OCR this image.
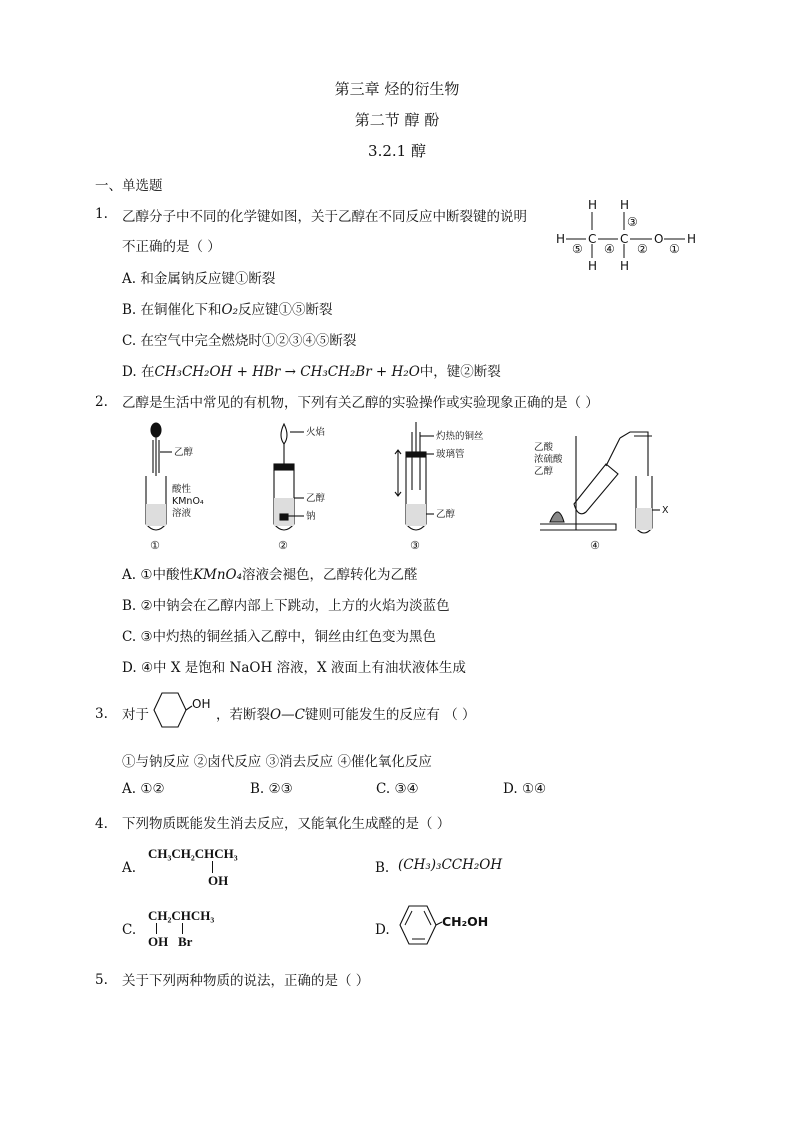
第三章 烃的衍生物
第二节 醇 酚
3.2.1 醇
一、单选题
1. 乙醇分子中不同的化学键如图，关于乙醇在不同反应中断裂键的说明
不正确的是（ ）	H C C O H
H H
H H
⑤ ④
③
② ①
A. 和金属钠反应键①断裂
B. 在铜催化下和O₂反应键①⑤断裂
C. 在空气中完全燃烧时①②③④⑤断裂
D. 在CH₃CH₂OH + HBr → CH₃CH₂Br + H₂O中，键②断裂
2. 乙醇是生活中常见的有机物，下列有关乙醇的实验操作或实验现象正确的是（ ）
乙醇
酸性
KMnO₄
溶液
火焰
乙醇
钠
灼热的铜丝
玻璃管
乙醇
乙酸
浓硫酸
乙醇
X
①	②	③	④
A. ①中酸性KMnO₄溶液会褪色，乙醇转化为乙醛
B. ②中钠会在乙醇内部上下跳动，上方的火焰为淡蓝色
C. ③中灼热的铜丝插入乙醇中，铜丝由红色变为黑色
D. ④中 X 是饱和 NaOH 溶液，X 液面上有油状液体生成
3. 对于
OH
，若断裂O—C键则可能发生的反应有 （ ）
①与钠反应 ②卤代反应 ③消去反应 ④催化氧化反应
A. ①②	B. ②③	C. ③④	D. ①④
4. 下列物质既能发生消去反应，又能氧化生成醛的是（ ）
A.
CH₃CH₂CHCH₃
OH
B. (CH₃)₃CCH₂OH
C.
CH₂CHCH₃
OH Br
D.
CH₂OH
5. 关于下列两种物质的说法，正确的是（ ）
